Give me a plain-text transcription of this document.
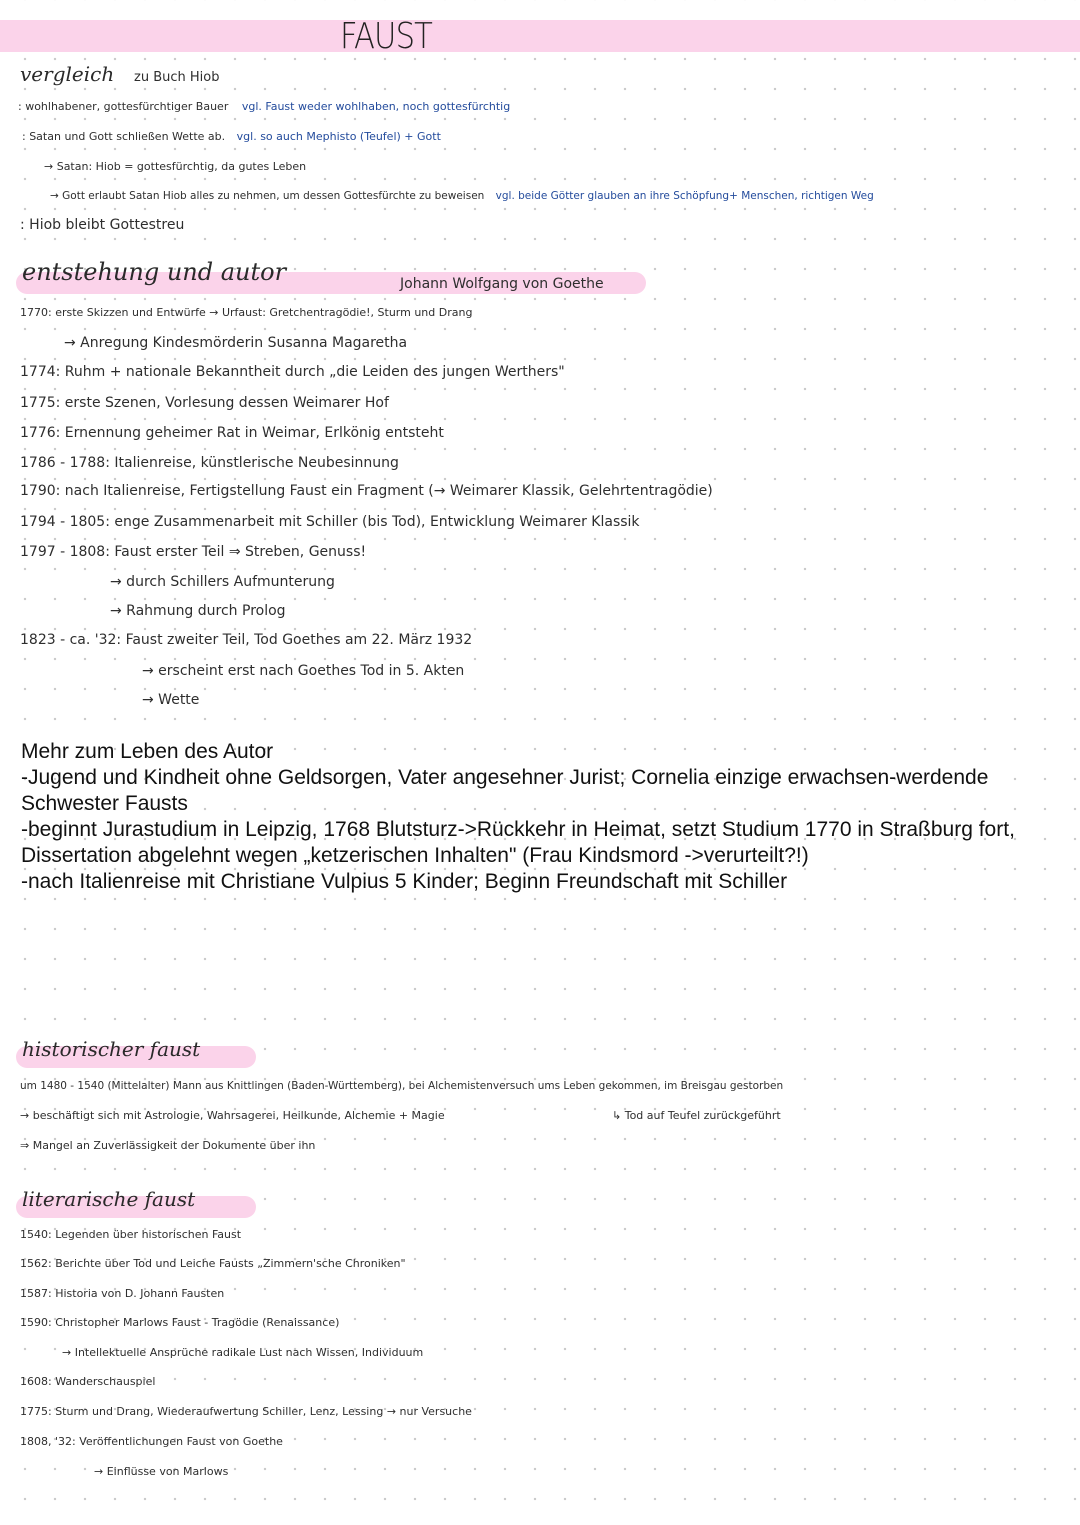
FAUST
vergleich zu Buch Hiob
: wohlhabener, gottesfürchtiger Bauer vgl. Faust weder wohlhaben, noch gottesfürchtig
: Satan und Gott schließen Wette ab. vgl. so auch Mephisto (Teufel) + Gott
→ Satan: Hiob = gottesfürchtig, da gutes Leben
→ Gott erlaubt Satan Hiob alles zu nehmen, um dessen Gottesfürchte zu beweisen vgl. beide Götter glauben an ihre Schöpfung+ Menschen, richtigen Weg
: Hiob bleibt Gottestreu
entstehung und autor	Johann Wolfgang von Goethe
1770: erste Skizzen und Entwürfe → Urfaust: Gretchentragödie!, Sturm und Drang
→ Anregung Kindesmörderin Susanna Magaretha
1774: Ruhm + nationale Bekanntheit durch „die Leiden des jungen Werthers"
1775: erste Szenen, Vorlesung dessen Weimarer Hof
1776: Ernennung geheimer Rat in Weimar, Erlkönig entsteht
1786 - 1788: Italienreise, künstlerische Neubesinnung
1790: nach Italienreise, Fertigstellung Faust ein Fragment (→ Weimarer Klassik, Gelehrtentragödie)
1794 - 1805: enge Zusammenarbeit mit Schiller (bis Tod), Entwicklung Weimarer Klassik
1797 - 1808: Faust erster Teil ⇒ Streben, Genuss!
→ durch Schillers Aufmunterung
→ Rahmung durch Prolog
1823 - ca. '32: Faust zweiter Teil, Tod Goethes am 22. März 1932
→ erscheint erst nach Goethes Tod in 5. Akten
→ Wette
Mehr zum Leben des Autor
-Jugend und Kindheit ohne Geldsorgen, Vater angesehner Jurist; Cornelia einzige erwachsen-werdende Schwester Fausts
-beginnt Jurastudium in Leipzig, 1768 Blutsturz->Rückkehr in Heimat, setzt Studium 1770 in Straßburg fort, Dissertation abgelehnt wegen „ketzerischen Inhalten" (Frau Kindsmord ->verurteilt?!)
-nach Italienreise mit Christiane Vulpius 5 Kinder; Beginn Freundschaft mit Schiller
historischer faust
um 1480 - 1540 (Mittelalter) Mann aus Knittlingen (Baden-Württemberg), bei Alchemistenversuch ums Leben gekommen, im Breisgau gestorben
→ beschäftigt sich mit Astrologie, Wahrsagerei, Heilkunde, Alchemie + Magie	↳ Tod auf Teufel zurückgeführt
⇒ Mangel an Zuverlässigkeit der Dokumente über ihn
literarische faust
1540: Legenden über historischen Faust
1562: Berichte über Tod und Leiche Fausts „Zimmern'sche Chroniken"
1587: Historia von D. Johann Fausten
1590: Christopher Marlows Faust - Tragödie (Renaissance)
→ Intellektuelle Ansprüche radikale Lust nach Wissen, Individuum
1608: Wanderschauspiel
1775: Sturm und Drang, Wiederaufwertung Schiller, Lenz, Lessing → nur Versuche
1808, '32: Veröffentlichungen Faust von Goethe
→ Einflüsse von Marlows
